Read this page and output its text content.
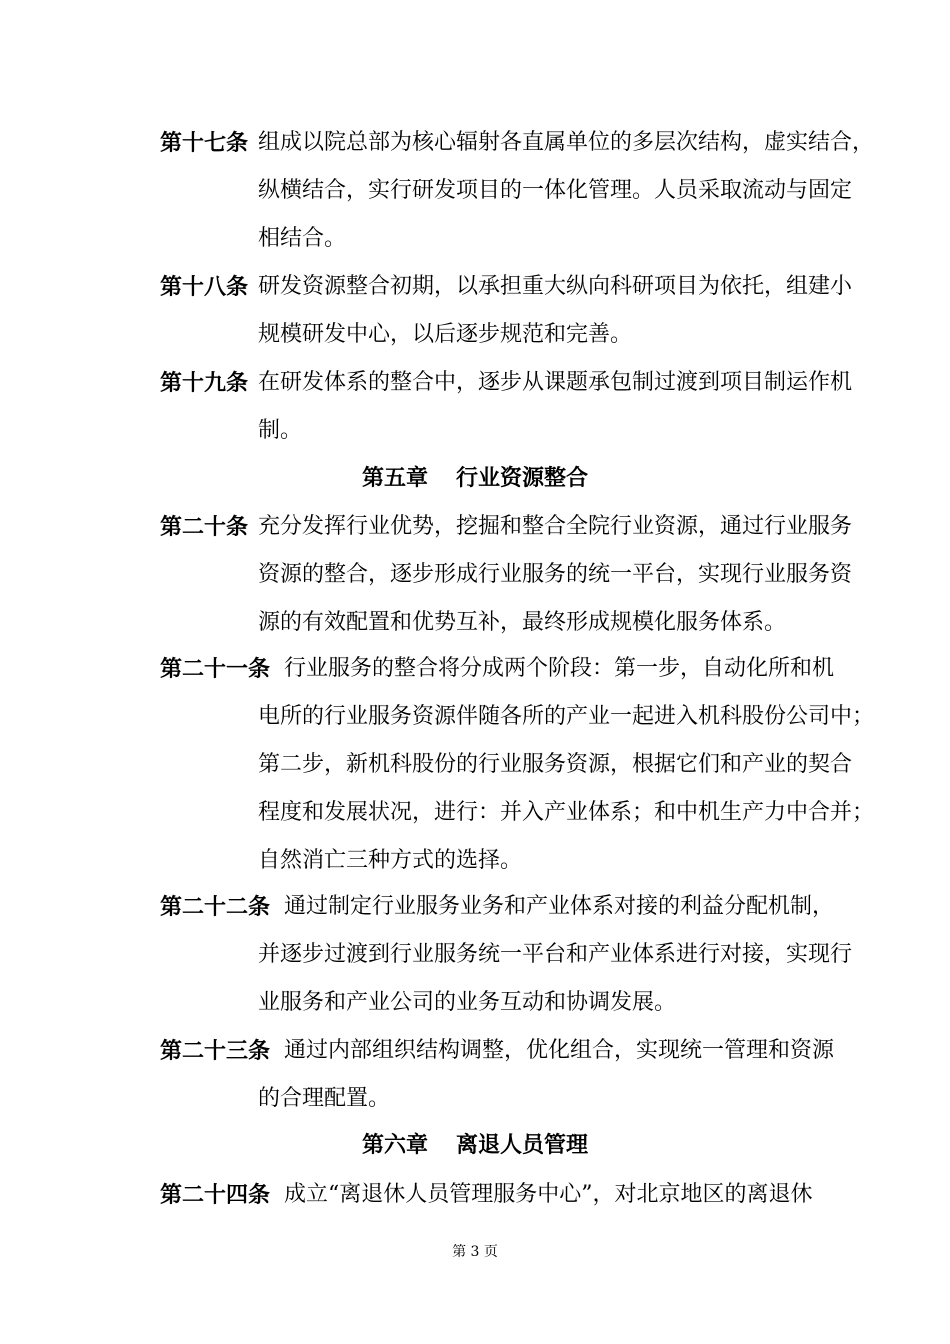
第十七条 组成以院总部为核心辐射各直属单位的多层次结构，虚实结合，
纵横结合，实行研发项目的一体化管理。人员采取流动与固定
相结合。
第十八条 研发资源整合初期，以承担重大纵向科研项目为依托，组建小
规模研发中心，以后逐步规范和完善。
第十九条 在研发体系的整合中，逐步从课题承包制过渡到项目制运作机
制。
第五章 行业资源整合
第二十条 充分发挥行业优势，挖掘和整合全院行业资源，通过行业服务
资源的整合，逐步形成行业服务的统一平台，实现行业服务资
源的有效配置和优势互补，最终形成规模化服务体系。
第二十一条 行业服务的整合将分成两个阶段：第一步，自动化所和机
电所的行业服务资源伴随各所的产业一起进入机科股份公司中；
第二步，新机科股份的行业服务资源，根据它们和产业的契合
程度和发展状况，进行：并入产业体系；和中机生产力中合并；
自然消亡三种方式的选择。
第二十二条 通过制定行业服务业务和产业体系对接的利益分配机制，
并逐步过渡到行业服务统一平台和产业体系进行对接，实现行
业服务和产业公司的业务互动和协调发展。
第二十三条 通过内部组织结构调整，优化组合，实现统一管理和资源
的合理配置。
第六章 离退人员管理
第二十四条 成立“离退休人员管理服务中心”，对北京地区的离退休
第 3 页
